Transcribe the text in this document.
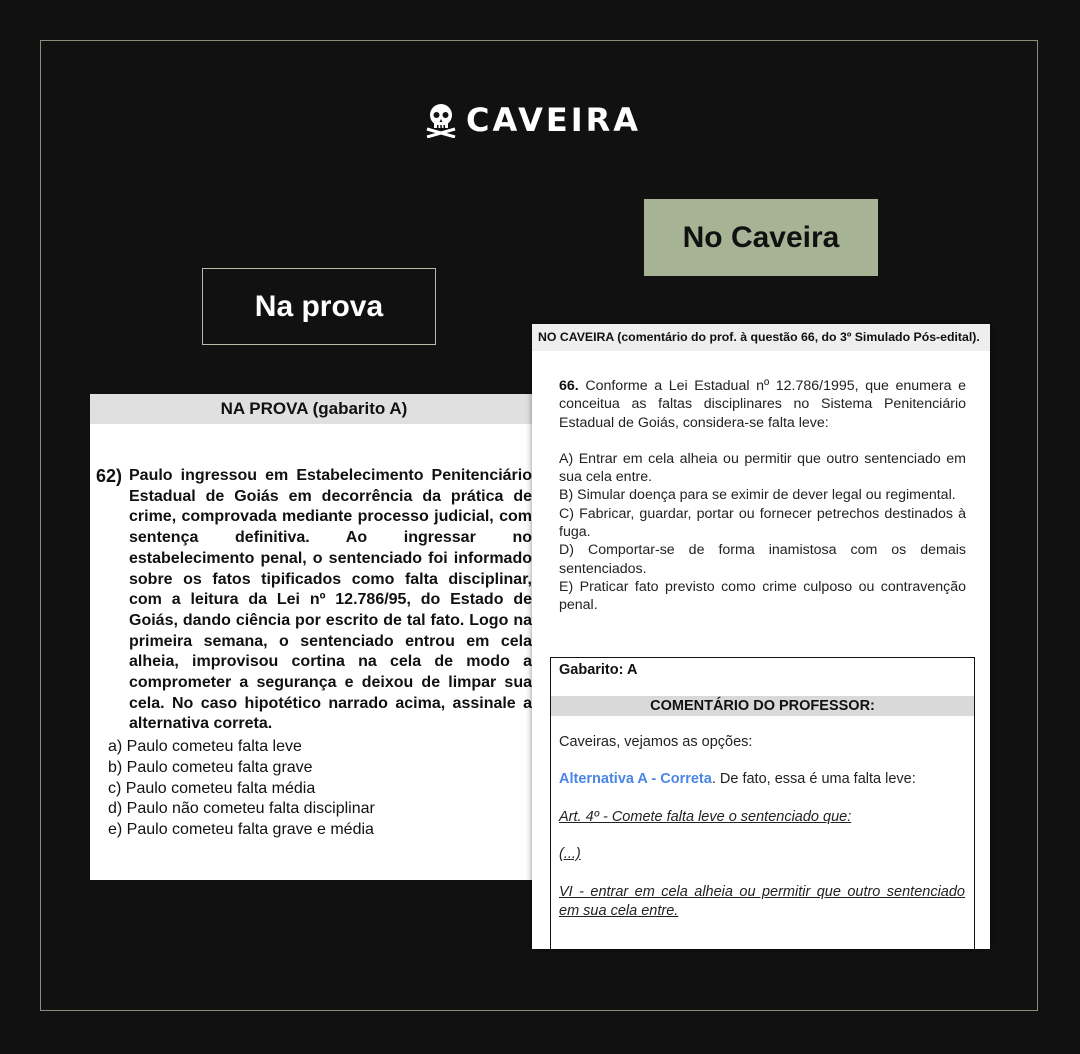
CAVEIRA
No Caveira
Na prova
NA PROVA (gabarito A)
62) Paulo ingressou em Estabelecimento Penitenciário Estadual de Goiás em decorrência da prática de crime, comprovada mediante processo judicial, com sentença definitiva. Ao ingressar no estabelecimento penal, o sentenciado foi informado sobre os fatos tipificados como falta disciplinar, com a leitura da Lei nº 12.786/95, do Estado de Goiás, dando ciência por escrito de tal fato. Logo na primeira semana, o sentenciado entrou em cela alheia, improvisou cortina na cela de modo a comprometer a segurança e deixou de limpar sua cela. No caso hipotético narrado acima, assinale a alternativa correta.
a) Paulo cometeu falta leve
b) Paulo cometeu falta grave
c) Paulo cometeu falta média
d) Paulo não cometeu falta disciplinar
e) Paulo cometeu falta grave e média
NO CAVEIRA (comentário do prof. à questão 66, do 3º Simulado Pós-edital).
66. Conforme a Lei Estadual nº 12.786/1995, que enumera e conceitua as faltas disciplinares no Sistema Penitenciário Estadual de Goiás, considera-se falta leve:
A) Entrar em cela alheia ou permitir que outro sentenciado em sua cela entre.
B) Simular doença para se eximir de dever legal ou regimental.
C) Fabricar, guardar, portar ou fornecer petrechos destinados à fuga.
D) Comportar-se de forma inamistosa com os demais sentenciados.
E) Praticar fato previsto como crime culposo ou contravenção penal.
Gabarito: A
COMENTÁRIO DO PROFESSOR:
Caveiras, vejamos as opções:
Alternativa A - Correta. De fato, essa é uma falta leve:
Art. 4º - Comete falta leve o sentenciado que:
(...)
VI - entrar em cela alheia ou permitir que outro sentenciado em sua cela entre.
